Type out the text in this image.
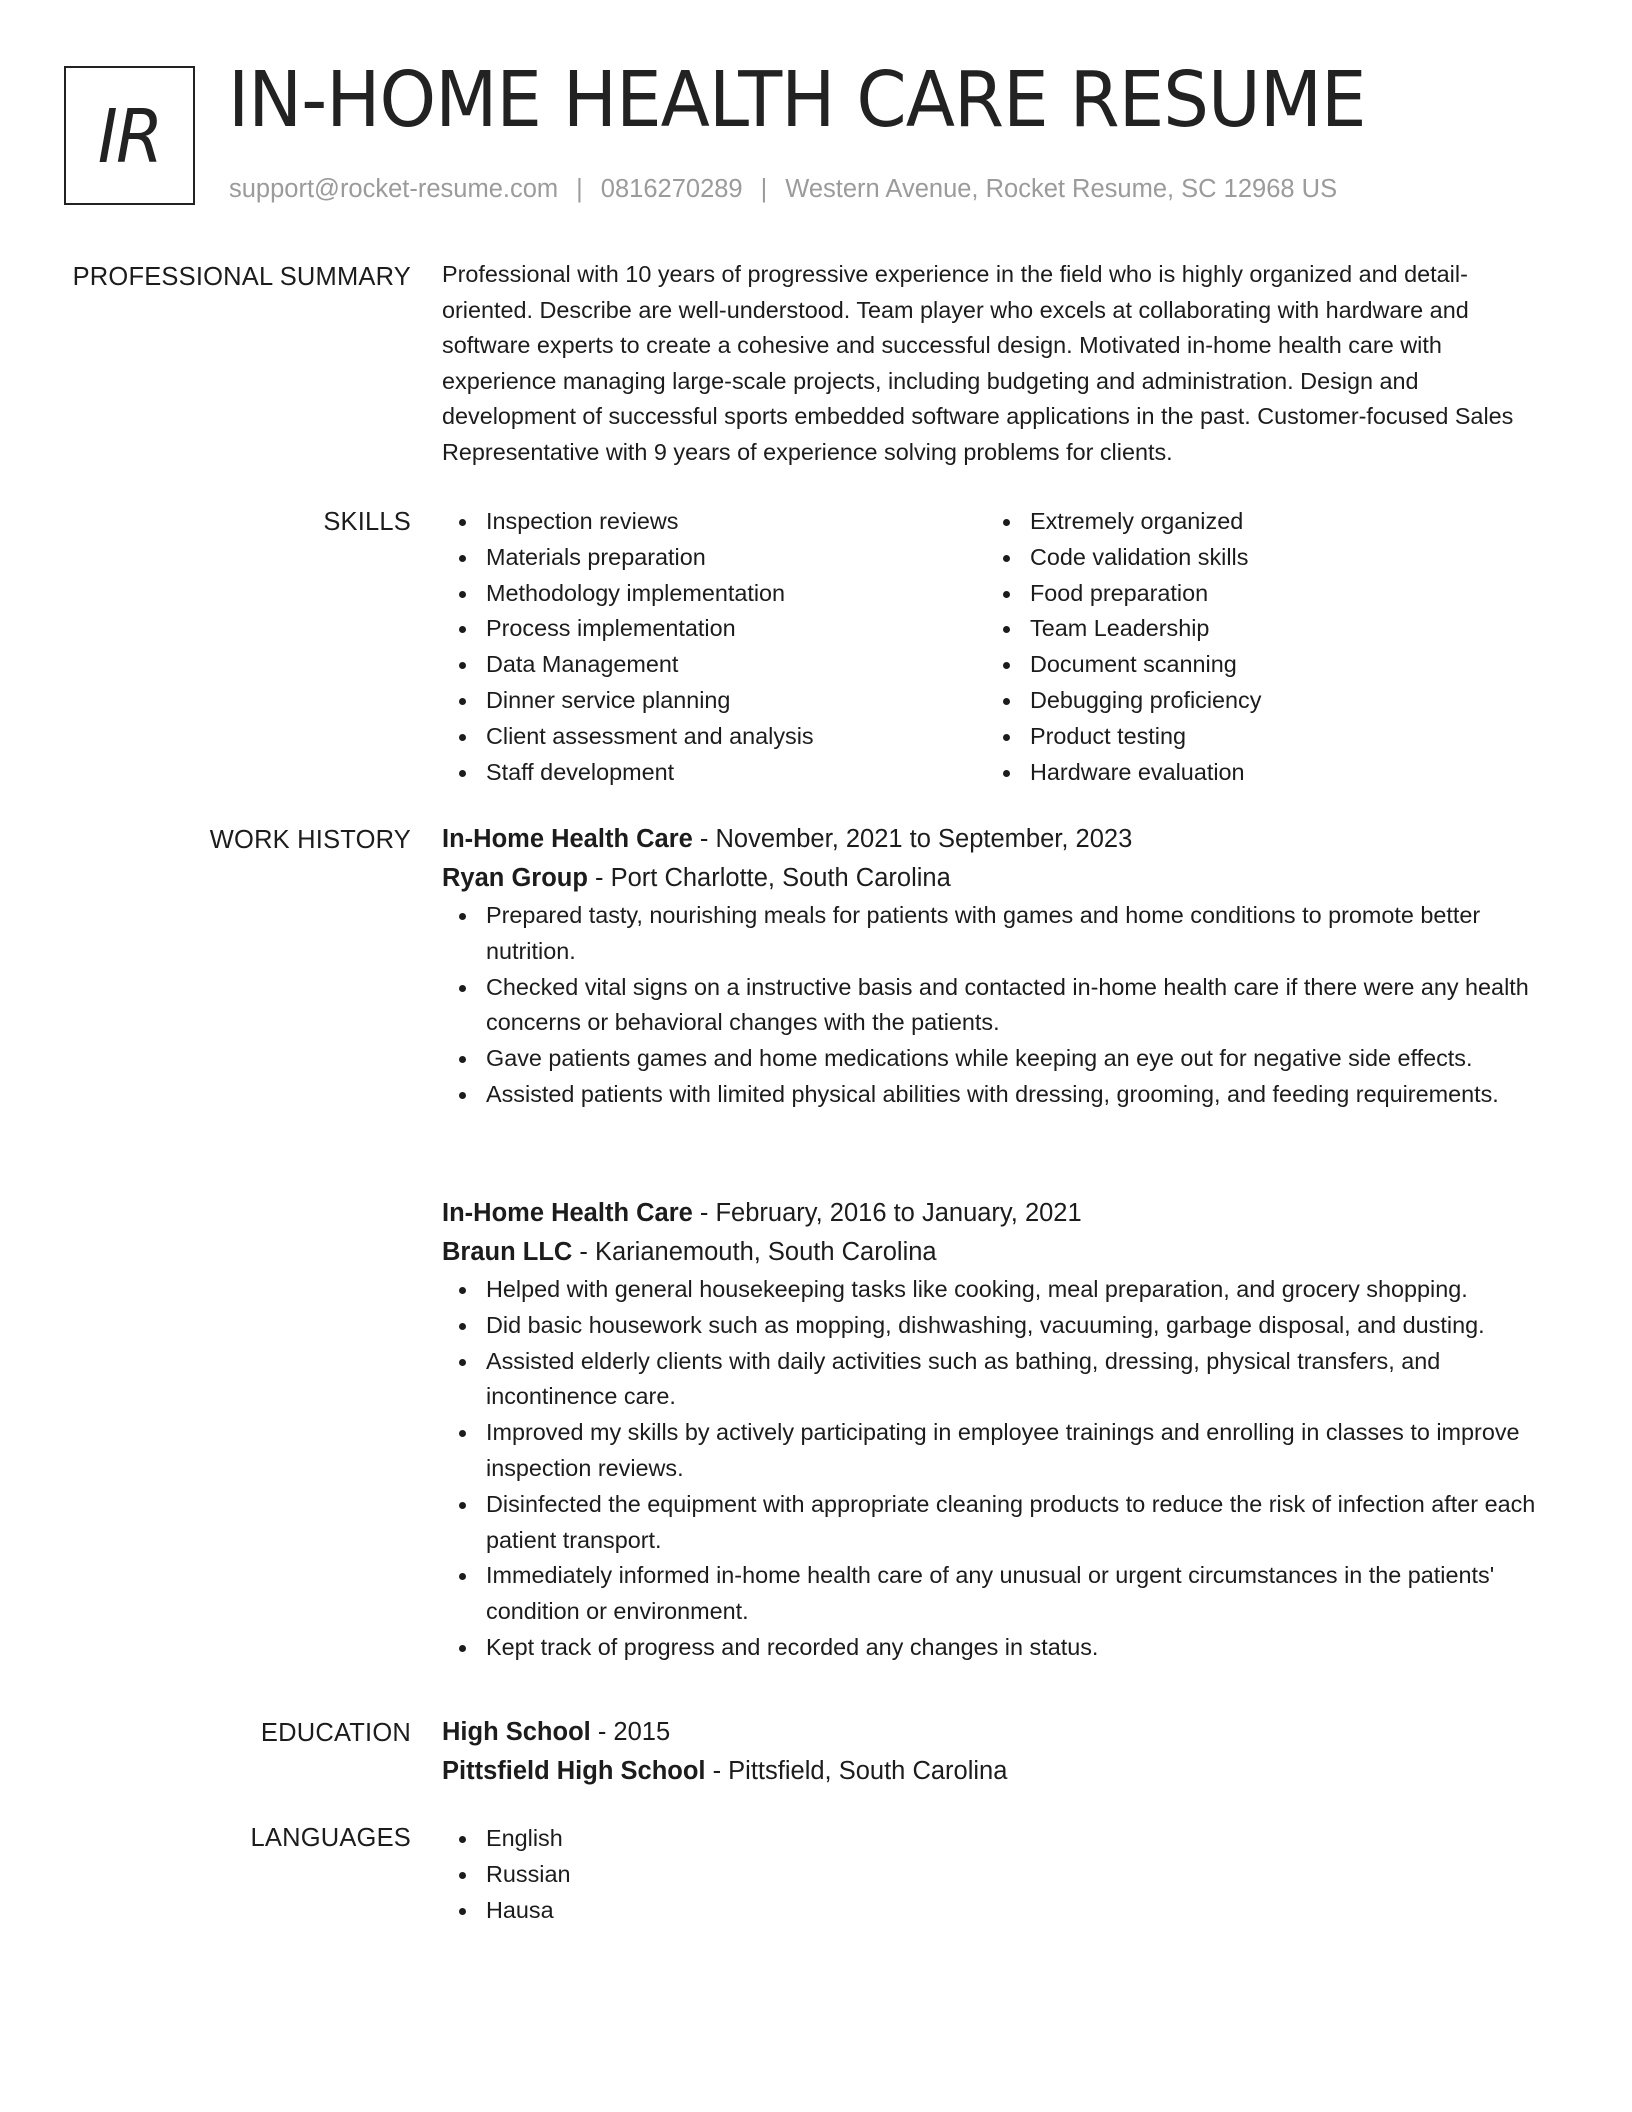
IR IN-HOME HEALTH CARE RESUME
support@rocket-resume.com | 0816270289 | Western Avenue, Rocket Resume, SC 12968 US
PROFESSIONAL SUMMARY Professional with 10 years of progressive experience in the field who is highly organized and detail-oriented. Describe are well-understood. Team player who excels at collaborating with hardware and software experts to create a cohesive and successful design. Motivated in-home health care with experience managing large-scale projects, including budgeting and administration. Design and development of successful sports embedded software applications in the past. Customer-focused Sales Representative with 9 years of experience solving problems for clients.

SKILLS	Inspection reviews
Materials preparation
Methodology implementation
Process implementation
Data Management
Dinner service planning
Client assessment and analysis
Staff development
Extremely organized
Code validation skills
Food preparation
Team Leadership
Document scanning
Debugging proficiency
Product testing
Hardware evaluation
WORK HISTORY In-Home Health Care - November, 2021 to September, 2023
Ryan Group - Port Charlotte, South Carolina
Prepared tasty, nourishing meals for patients with games and home conditions to promote better nutrition.
Checked vital signs on a instructive basis and contacted in-home health care if there were any health concerns or behavioral changes with the patients.
Gave patients games and home medications while keeping an eye out for negative side effects.
Assisted patients with limited physical abilities with dressing, grooming, and feeding requirements.
In-Home Health Care - February, 2016 to January, 2021
Braun LLC - Karianemouth, South Carolina
Helped with general housekeeping tasks like cooking, meal preparation, and grocery shopping.
Did basic housework such as mopping, dishwashing, vacuuming, garbage disposal, and dusting.
Assisted elderly clients with daily activities such as bathing, dressing, physical transfers, and incontinence care.
Improved my skills by actively participating in employee trainings and enrolling in classes to improve inspection reviews.
Disinfected the equipment with appropriate cleaning products to reduce the risk of infection after each patient transport.
Immediately informed in-home health care of any unusual or urgent circumstances in the patients' condition or environment.
Kept track of progress and recorded any changes in status.
EDUCATION High School - 2015
Pittsfield High School - Pittsfield, South Carolina
LANGUAGES	English
Russian
Hausa
